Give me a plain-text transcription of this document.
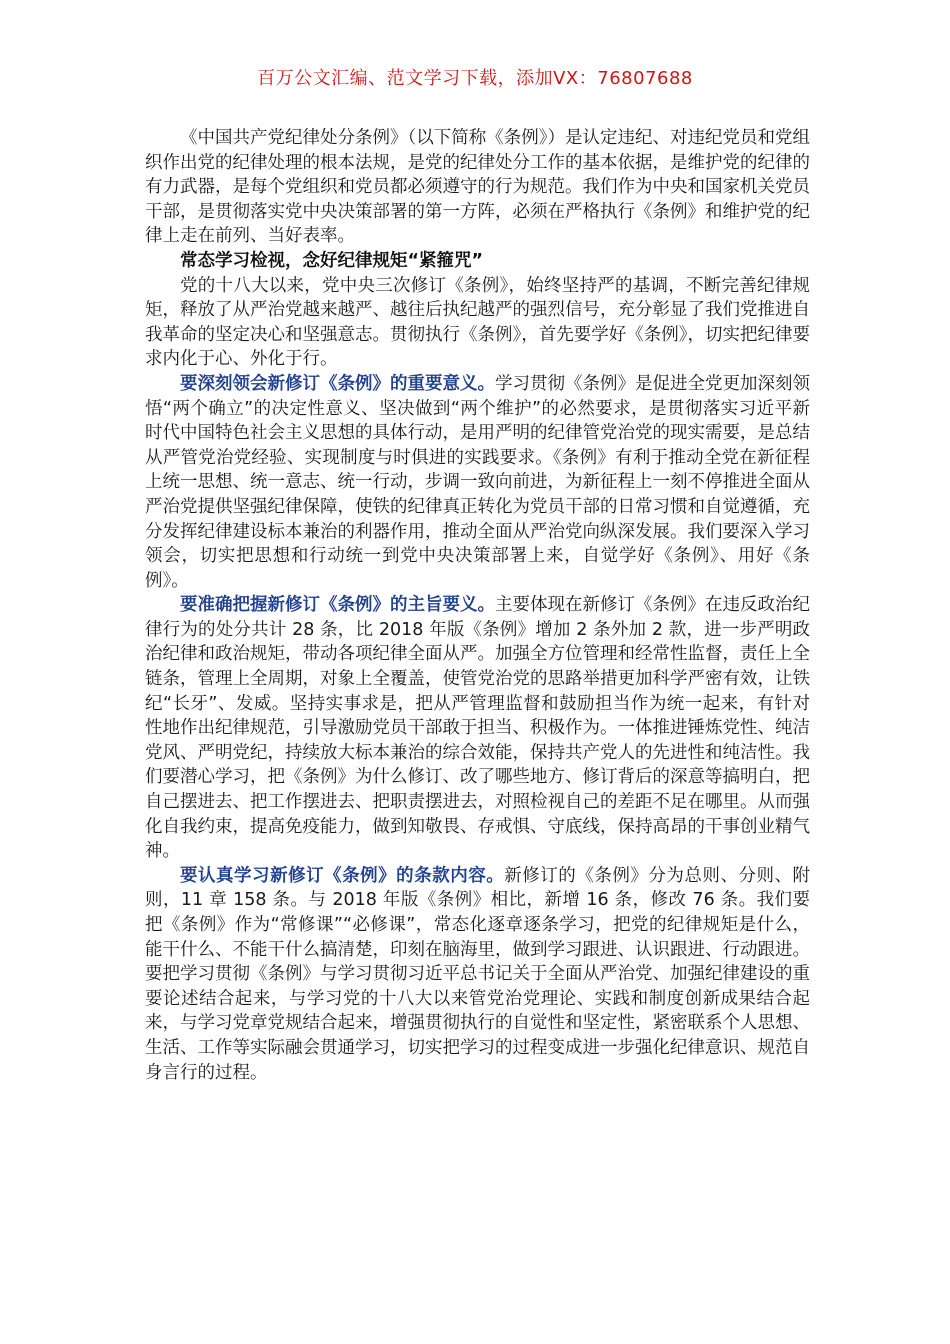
百万公文汇编、范文学习下载，添加VX：76807688

《中国共产党纪律处分条例》（以下简称《条例》）是认定违纪、对违纪党员和党组织作出党的纪律处理的根本法规，是党的纪律处分工作的基本依据，是维护党的纪律的有力武器，是每个党组织和党员都必须遵守的行为规范。我们作为中央和国家机关党员干部，是贯彻落实党中央决策部署的第一方阵，必须在严格执行《条例》和维护党的纪律上走在前列、当好表率。

常态学习检视，念好纪律规矩“紧箍咒”

党的十八大以来，党中央三次修订《条例》，始终坚持严的基调，不断完善纪律规矩，释放了从严治党越来越严、越往后执纪越严的强烈信号，充分彰显了我们党推进自我革命的坚定决心和坚强意志。贯彻执行《条例》，首先要学好《条例》，切实把纪律要求内化于心、外化于行。

要深刻领会新修订《条例》的重要意义。学习贯彻《条例》是促进全党更加深刻领悟“两个确立”的决定性意义、坚决做到“两个维护”的必然要求，是贯彻落实习近平新时代中国特色社会主义思想的具体行动，是用严明的纪律管党治党的现实需要，是总结从严管党治党经验、实现制度与时俱进的实践要求。《条例》有利于推动全党在新征程上统一思想、统一意志、统一行动，步调一致向前进，为新征程上一刻不停推进全面从严治党提供坚强纪律保障，使铁的纪律真正转化为党员干部的日常习惯和自觉遵循，充分发挥纪律建设标本兼治的利器作用，推动全面从严治党向纵深发展。我们要深入学习领会，切实把思想和行动统一到党中央决策部署上来，自觉学好《条例》、用好《条例》。

要准确把握新修订《条例》的主旨要义。主要体现在新修订《条例》在违反政治纪律行为的处分共计 28 条，比 2018 年版《条例》增加 2 条外加 2 款，进一步严明政治纪律和政治规矩，带动各项纪律全面从严。加强全方位管理和经常性监督，责任上全链条，管理上全周期，对象上全覆盖，使管党治党的思路举措更加科学严密有效，让铁纪“长牙”、发威。坚持实事求是，把从严管理监督和鼓励担当作为统一起来，有针对性地作出纪律规范，引导激励党员干部敢于担当、积极作为。一体推进锤炼党性、纯洁党风、严明党纪，持续放大标本兼治的综合效能，保持共产党人的先进性和纯洁性。我们要潜心学习，把《条例》为什么修订、改了哪些地方、修订背后的深意等搞明白，把自己摆进去、把工作摆进去、把职责摆进去，对照检视自己的差距不足在哪里。从而强化自我约束，提高免疫能力，做到知敬畏、存戒惧、守底线，保持高昂的干事创业精气神。

要认真学习新修订《条例》的条款内容。新修订的《条例》分为总则、分则、附则，11 章 158 条。与 2018 年版《条例》相比，新增 16 条，修改 76 条。我们要把《条例》作为“常修课”“必修课”，常态化逐章逐条学习，把党的纪律规矩是什么，能干什么、不能干什么搞清楚，印刻在脑海里，做到学习跟进、认识跟进、行动跟进。要把学习贯彻《条例》与学习贯彻习近平总书记关于全面从严治党、加强纪律建设的重要论述结合起来，与学习党的十八大以来管党治党理论、实践和制度创新成果结合起来，与学习党章党规结合起来，增强贯彻执行的自觉性和坚定性，紧密联系个人思想、生活、工作等实际融会贯通学习，切实把学习的过程变成进一步强化纪律意识、规范自身言行的过程。
